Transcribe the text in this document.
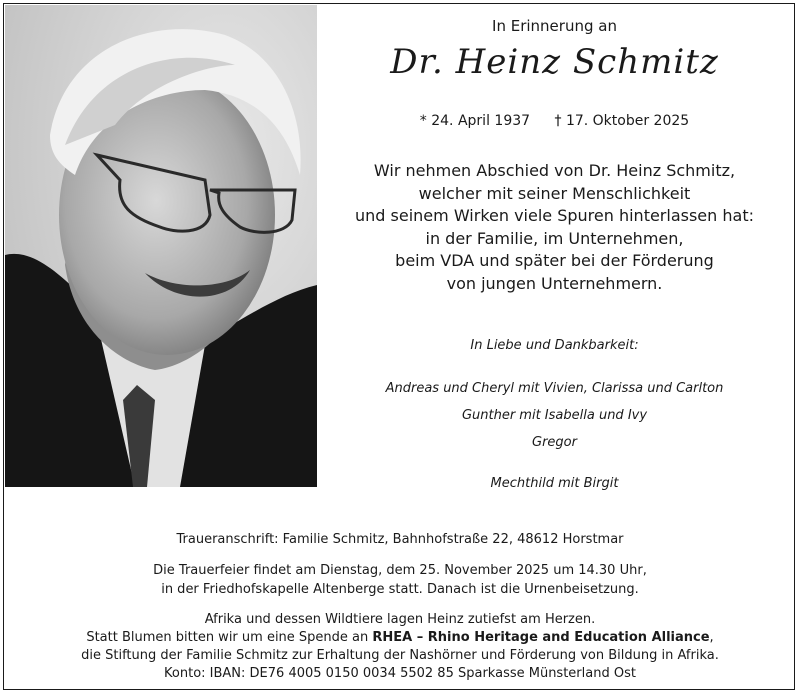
In Erinnerung an
Dr. Heinz Schmitz
* 24. April 1937 † 17. Oktober 2025
Wir nehmen Abschied von Dr. Heinz Schmitz,
welcher mit seiner Menschlichkeit
und seinem Wirken viele Spuren hinterlassen hat:
in der Familie, im Unternehmen,
beim VDA und später bei der Förderung
von jungen Unternehmern.
In Liebe und Dankbarkeit:
Andreas und Cheryl mit Vivien, Clarissa und Carlton
Gunther mit Isabella und Ivy
Gregor
Mechthild mit Birgit
Traueranschrift: Familie Schmitz, Bahnhofstraße 22, 48612 Horstmar
Die Trauerfeier findet am Dienstag, dem 25. November 2025 um 14.30 Uhr,
in der Friedhofskapelle Altenberge statt. Danach ist die Urnenbeisetzung.
Afrika und dessen Wildtiere lagen Heinz zutiefst am Herzen.
Statt Blumen bitten wir um eine Spende an RHEA – Rhino Heritage and Education Alliance,
die Stiftung der Familie Schmitz zur Erhaltung der Nashörner und Förderung von Bildung in Afrika.
Konto: IBAN: DE76 4005 0150 0034 5502 85 Sparkasse Münsterland Ost
